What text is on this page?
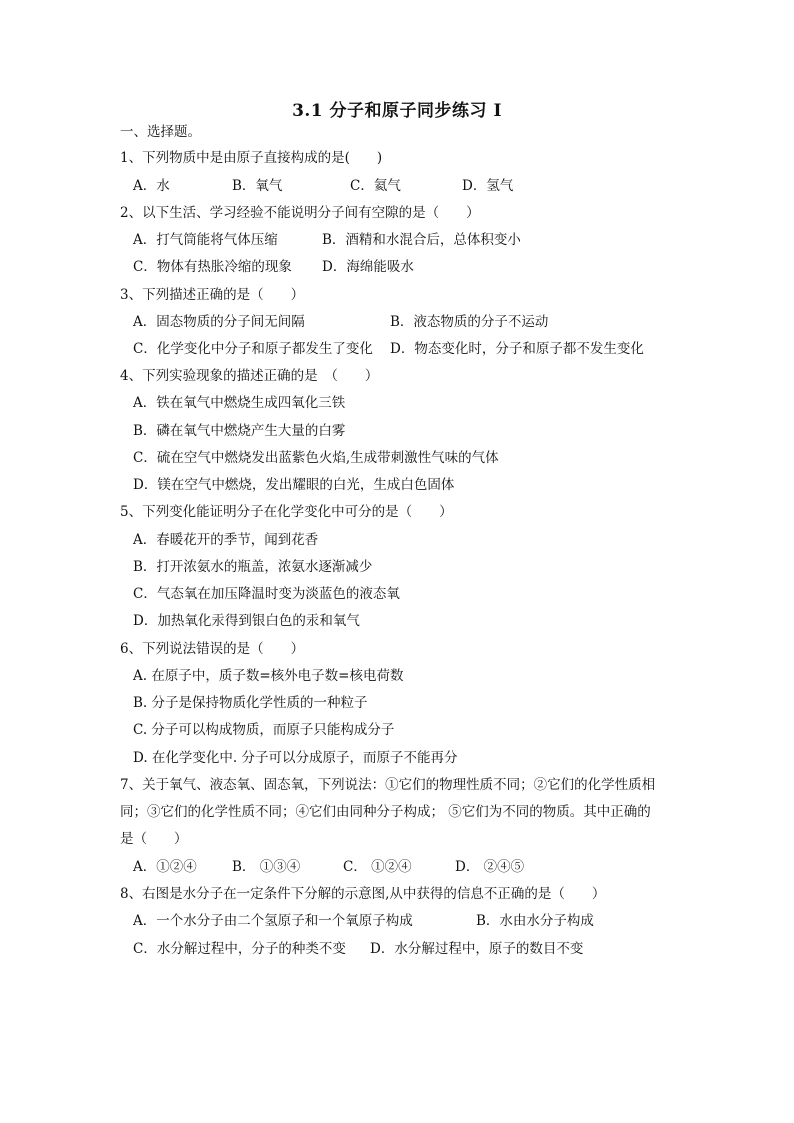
3.1 分子和原子同步练习 I
一、选择题。
1、下列物质中是由原子直接构成的是(　　)
A．水	B．氧气	C．氦气	D．氢气
2、以下生活、学习经验不能说明分子间有空隙的是（　　）
A．打气筒能将气体压缩	B．酒精和水混合后，总体积变小
C．物体有热胀冷缩的现象 D．海绵能吸水
3、下列描述正确的是（　　）
A．固态物质的分子间无间隔	B．液态物质的分子不运动
C．化学变化中分子和原子都发生了变化 D．物态变化时，分子和原子都不发生变化
4、下列实验现象的描述正确的是　（　　）
A．铁在氧气中燃烧生成四氧化三铁
B．磷在氧气中燃烧产生大量的白雾
C．硫在空气中燃烧发出蓝紫色火焰,生成带刺激性气味的气体
D．镁在空气中燃烧，发出耀眼的白光，生成白色固体
5、下列变化能证明分子在化学变化中可分的是（　　）
A．春暖花开的季节，闻到花香
B．打开浓氨水的瓶盖，浓氨水逐渐减少
C．气态氧在加压降温时变为淡蓝色的液态氧
D．加热氧化汞得到银白色的汞和氧气
6、下列说法错误的是（　　）
A. 在原子中，质子数=核外电子数=核电荷数
B. 分子是保持物质化学性质的一种粒子
C. 分子可以构成物质，而原子只能构成分子
D. 在化学变化中. 分子可以分成原子，而原子不能再分
7、关于氧气、液态氧、固态氧，下列说法：①它们的物理性质不同；②它们的化学性质相
同；③它们的化学性质不同；④它们由同种分子构成； ⑤它们为不同的物质。其中正确的
是（　　）
A．①②④	B． ①③④	C． ①②④	D． ②④⑤
8、右图是水分子在一定条件下分解的示意图,从中获得的信息不正确的是（　　）
A．一个水分子由二个氢原子和一个氧原子构成	B．水由水分子构成
C．水分解过程中，分子的种类不变 D．水分解过程中，原子的数目不变
